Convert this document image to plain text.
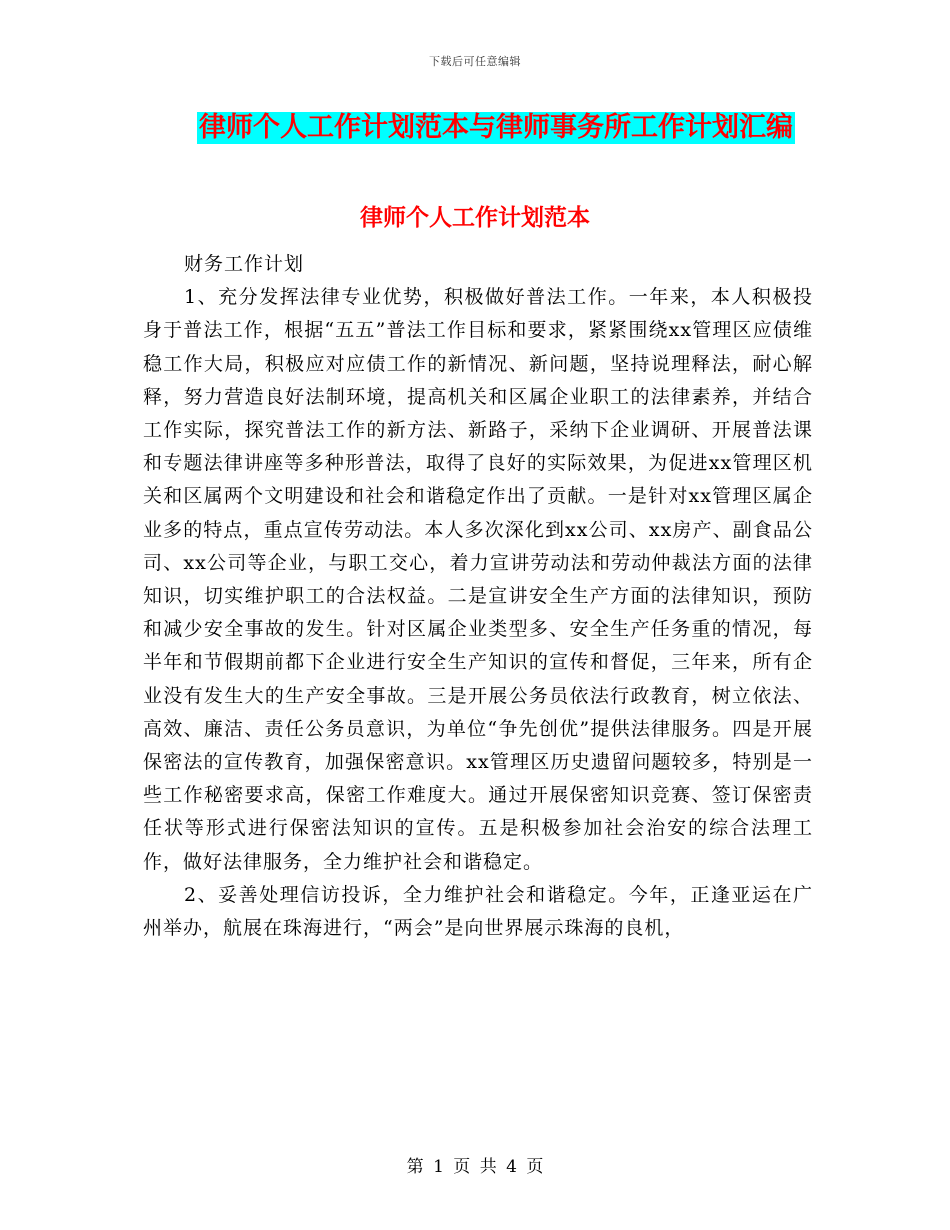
下载后可任意编辑
律师个人工作计划范本与律师事务所工作计划汇编
律师个人工作计划范本

财务工作计划

1、充分发挥法律专业优势，积极做好普法工作。一年来，本人积极投身于普法工作，根据“五五”普法工作目标和要求，紧紧围绕xx管理区应债维稳工作大局，积极应对应债工作的新情况、新问题，坚持说理释法，耐心解释，努力营造良好法制环境，提高机关和区属企业职工的法律素养，并结合工作实际，探究普法工作的新方法、新路子，采纳下企业调研、开展普法课和专题法律讲座等多种形普法，取得了良好的实际效果，为促进xx管理区机关和区属两个文明建设和社会和谐稳定作出了贡献。一是针对xx管理区属企业多的特点，重点宣传劳动法。本人多次深化到xx公司、xx房产、副食品公司、xx公司等企业，与职工交心，着力宣讲劳动法和劳动仲裁法方面的法律知识，切实维护职工的合法权益。二是宣讲安全生产方面的法律知识，预防和减少安全事故的发生。针对区属企业类型多、安全生产任务重的情况，每半年和节假期前都下企业进行安全生产知识的宣传和督促，三年来，所有企业没有发生大的生产安全事故。三是开展公务员依法行政教育，树立依法、高效、廉洁、责任公务员意识，为单位“争先创优”提供法律服务。四是开展保密法的宣传教育，加强保密意识。xx管理区历史遗留问题较多，特别是一些工作秘密要求高，保密工作难度大。通过开展保密知识竞赛、签订保密责任状等形式进行保密法知识的宣传。五是积极参加社会治安的综合法理工作，做好法律服务，全力维护社会和谐稳定。

2、妥善处理信访投诉，全力维护社会和谐稳定。今年，正逢亚运在广州举办，航展在珠海进行，“两会”是向世界展示珠海的良机，

第 1 页 共 4 页
